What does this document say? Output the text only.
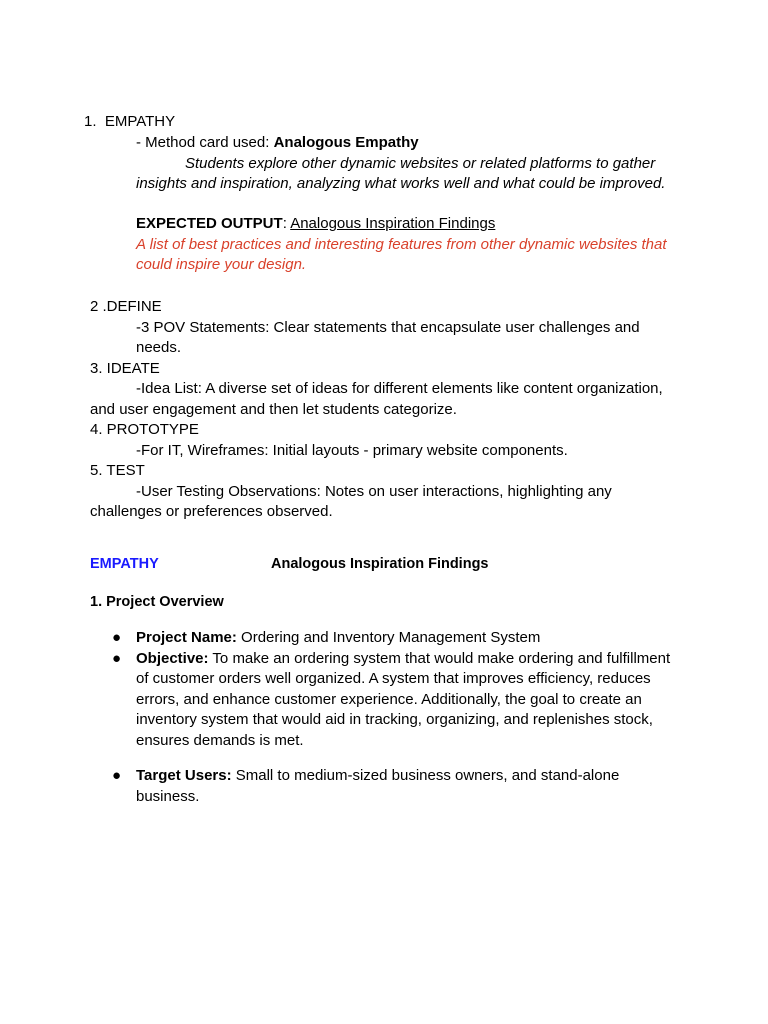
1. EMPATHY
- Method card used: Analogous Empathy
Students explore other dynamic websites or related platforms to gather
insights and inspiration, analyzing what works well and what could be improved.
EXPECTED OUTPUT: Analogous Inspiration Findings
A list of best practices and interesting features from other dynamic websites that
could inspire your design.
2 .DEFINE
-3 POV Statements: Clear statements that encapsulate user challenges and
needs.
3. IDEATE
-Idea List: A diverse set of ideas for different elements like content organization,
and user engagement and then let students categorize.
4. PROTOTYPE
-For IT, Wireframes: Initial layouts - primary website components.
5. TEST
-User Testing Observations: Notes on user interactions, highlighting any
challenges or preferences observed.
EMPATHY	Analogous Inspiration Findings
1. Project Overview
● Project Name: Ordering and Inventory Management System
● Objective: To make an ordering system that would make ordering and fulfillment
of customer orders well organized. A system that improves efficiency, reduces
errors, and enhance customer experience. Additionally, the goal to create an
inventory system that would aid in tracking, organizing, and replenishes stock,
ensures demands is met.
● Target Users: Small to medium-sized business owners, and stand-alone
business.
